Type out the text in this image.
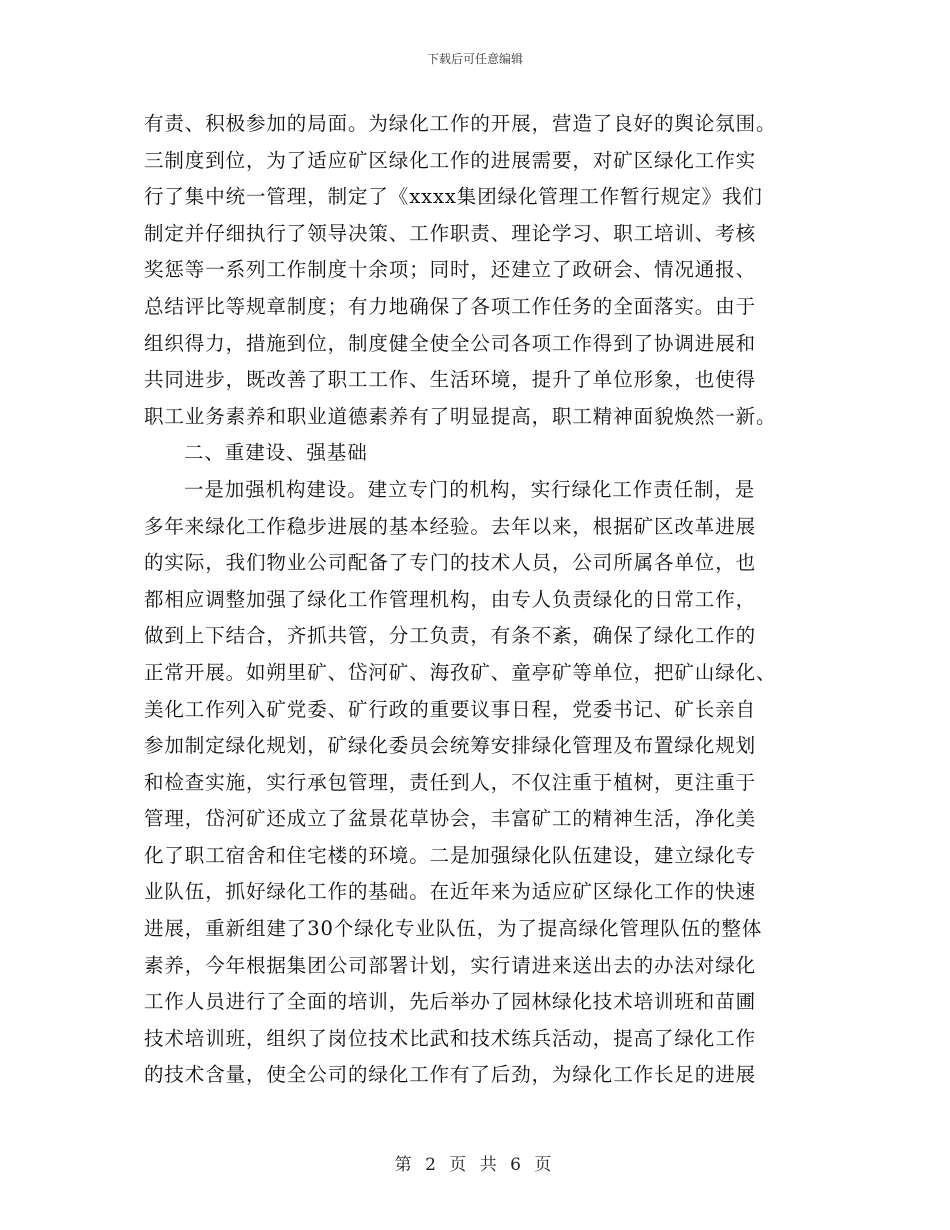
下载后可任意编辑
有责、积极参加的局面。为绿化工作的开展，营造了良好的舆论氛围。
三制度到位，为了适应矿区绿化工作的进展需要，对矿区绿化工作实
行了集中统一管理，制定了《xxxx集团绿化管理工作暂行规定》我们
制定并仔细执行了领导决策、工作职责、理论学习、职工培训、考核
奖惩等一系列工作制度十余项；同时，还建立了政研会、情况通报、
总结评比等规章制度；有力地确保了各项工作任务的全面落实。由于
组织得力，措施到位，制度健全使全公司各项工作得到了协调进展和
共同进步，既改善了职工工作、生活环境，提升了单位形象，也使得
职工业务素养和职业道德素养有了明显提高，职工精神面貌焕然一新。
二、重建设、强基础
一是加强机构建设。建立专门的机构，实行绿化工作责任制，是
多年来绿化工作稳步进展的基本经验。去年以来，根据矿区改革进展
的实际，我们物业公司配备了专门的技术人员，公司所属各单位，也
都相应调整加强了绿化工作管理机构，由专人负责绿化的日常工作，
做到上下结合，齐抓共管，分工负责，有条不紊，确保了绿化工作的
正常开展。如朔里矿、岱河矿、海孜矿、童亭矿等单位，把矿山绿化、
美化工作列入矿党委、矿行政的重要议事日程，党委书记、矿长亲自
参加制定绿化规划，矿绿化委员会统筹安排绿化管理及布置绿化规划
和检查实施，实行承包管理，责任到人，不仅注重于植树，更注重于
管理，岱河矿还成立了盆景花草协会，丰富矿工的精神生活，净化美
化了职工宿舍和住宅楼的环境。二是加强绿化队伍建设，建立绿化专
业队伍，抓好绿化工作的基础。在近年来为适应矿区绿化工作的快速
进展，重新组建了30个绿化专业队伍，为了提高绿化管理队伍的整体
素养，今年根据集团公司部署计划，实行请进来送出去的办法对绿化
工作人员进行了全面的培训，先后举办了园林绿化技术培训班和苗圃
技术培训班，组织了岗位技术比武和技术练兵活动，提高了绿化工作
的技术含量，使全公司的绿化工作有了后劲，为绿化工作长足的进展
第 2 页 共 6 页
